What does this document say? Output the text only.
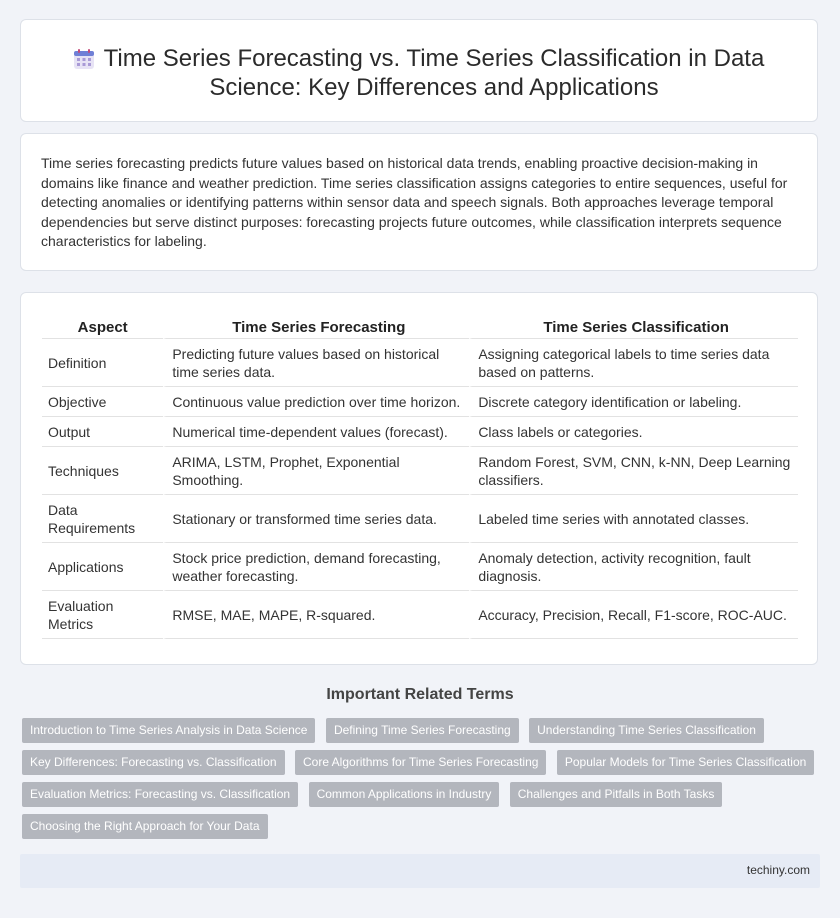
Time Series Forecasting vs. Time Series Classification in Data Science: Key Differences and Applications

Time series forecasting predicts future values based on historical data trends, enabling proactive decision-making in domains like finance and weather prediction. Time series classification assigns categories to entire sequences, useful for detecting anomalies or identifying patterns within sensor data and speech signals. Both approaches leverage temporal dependencies but serve distinct purposes: forecasting projects future outcomes, while classification interprets sequence characteristics for labeling.

Aspect	Time Series Forecasting	Time Series Classification
Definition	Predicting future values based on historical time series data.	Assigning categorical labels to time series data based on patterns.
Objective	Continuous value prediction over time horizon.	Discrete category identification or labeling.
Output	Numerical time-dependent values (forecast).	Class labels or categories.
Techniques	ARIMA, LSTM, Prophet, Exponential Smoothing.	Random Forest, SVM, CNN, k-NN, Deep Learning classifiers.
Data Requirements	Stationary or transformed time series data.	Labeled time series with annotated classes.
Applications	Stock price prediction, demand forecasting, weather forecasting.	Anomaly detection, activity recognition, fault diagnosis.
Evaluation Metrics	RMSE, MAE, MAPE, R-squared.	Accuracy, Precision, Recall, F1-score, ROC-AUC.
Important Related Terms
Introduction to Time Series Analysis in Data Science Defining Time Series Forecasting Understanding Time Series Classification
Key Differences: Forecasting vs. Classification Core Algorithms for Time Series Forecasting Popular Models for Time Series Classification
Evaluation Metrics: Forecasting vs. Classification Common Applications in Industry Challenges and Pitfalls in Both Tasks
Choosing the Right Approach for Your Data
techiny.com
